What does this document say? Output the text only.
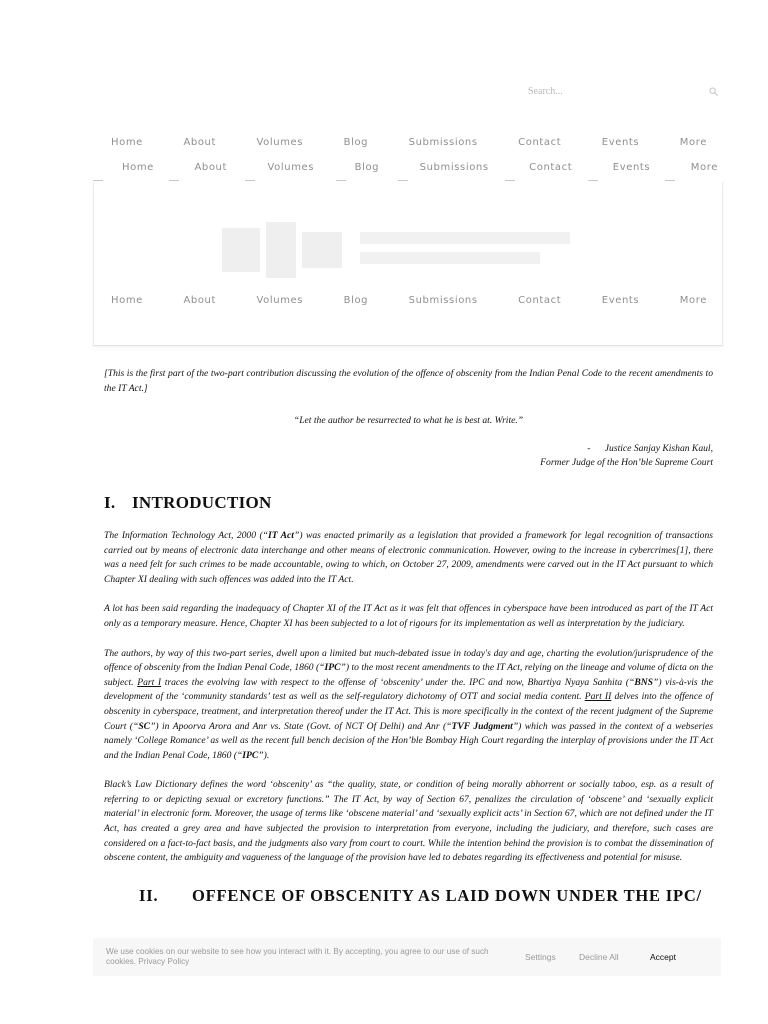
Search...
Home	About	Volumes	Blog	Submissions	Contact	Events	More
Home	About	Volumes	Blog	Submissions	Contact	Events	More
Home	About	Volumes	Blog	Submissions	Contact	Events	More

[This is the first part of the two-part contribution discussing the evolution of the offence of obscenity from the Indian Penal Code to the recent amendments to the IT Act.]

“Let the author be resurrected to what he is best at. Write.”

-      Justice Sanjay Kishan Kaul,
Former Judge of the Hon’ble Supreme Court

I. INTRODUCTION

The Information Technology Act, 2000 (“IT Act”) was enacted primarily as a legislation that provided a framework for legal recognition of transactions carried out by means of electronic data interchange and other means of electronic communication. However, owing to the increase in cybercrimes[1], there was a need felt for such crimes to be made accountable, owing to which, on October 27, 2009, amendments were carved out in the IT Act pursuant to which Chapter XI dealing with such offences was added into the IT Act.

A lot has been said regarding the inadequacy of Chapter XI of the IT Act as it was felt that offences in cyberspace have been introduced as part of the IT Act only as a temporary measure. Hence, Chapter XI has been subjected to a lot of rigours for its implementation as well as interpretation by the judiciary.

The authors, by way of this two-part series, dwell upon a limited but much-debated issue in today's day and age, charting the evolution/jurisprudence of the offence of obscenity from the Indian Penal Code, 1860 (“IPC”) to the most recent amendments to the IT Act, relying on the lineage and volume of dicta on the subject. Part I traces the evolving law with respect to the offense of ‘obscenity’ under the. IPC and now, Bhartiya Nyaya Sanhita (“BNS”) vis-à-vis the development of the ‘community standards’ test as well as the self-regulatory dichotomy of OTT and social media content. Part II delves into the offence of obscenity in cyberspace, treatment, and interpretation thereof under the IT Act. This is more specifically in the context of the recent judgment of the Supreme Court (“SC”) in Apoorva Arora and Anr vs. State (Govt. of NCT Of Delhi) and Anr (“TVF Judgment”) which was passed in the context of a webseries namely ‘College Romance’ as well as the recent full bench decision of the Hon’ble Bombay High Court regarding the interplay of provisions under the IT Act and the Indian Penal Code, 1860 (“IPC”).

Black’s Law Dictionary defines the word ‘obscenity’ as “the quality, state, or condition of being morally abhorrent or socially taboo, esp. as a result of referring to or depicting sexual or excretory functions.” The IT Act, by way of Section 67, penalizes the circulation of ‘obscene’ and ‘sexually explicit material’ in electronic form. Moreover, the usage of terms like ‘obscene material’ and ‘sexually explicit acts’ in Section 67, which are not defined under the IT Act, has created a grey area and have subjected the provision to interpretation from everyone, including the judiciary, and therefore, such cases are considered on a fact-to-fact basis, and the judgments also vary from court to court. While the intention behind the provision is to combat the dissemination of obscene content, the ambiguity and vagueness of the language of the provision have led to debates regarding its effectiveness and potential for misuse.

II.	OFFENCE OF OBSCENITY AS LAID DOWN UNDER THE IPC/
We use cookies on our website to see how you interact with it. By accepting, you agree to our use of such cookies. Privacy Policy	Settings	Decline All	Accept
